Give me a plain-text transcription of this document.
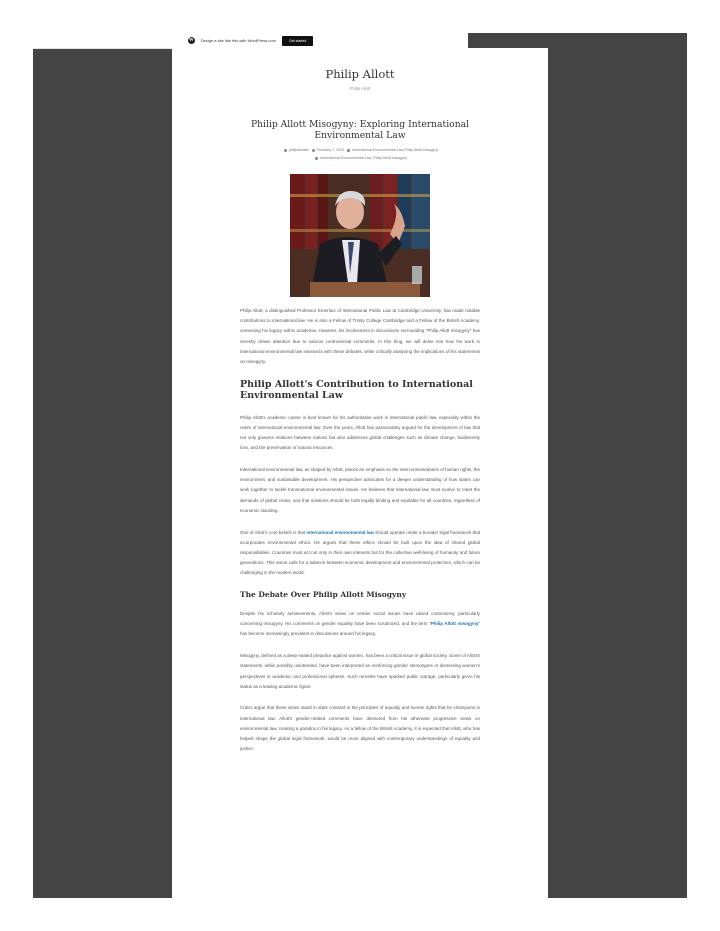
W Design a site like this with WordPress.com	Get started
Philip Allott
Philip Allott
Philip Allott Misogyny: Exploring International Environmental Law
philipallotlab February 7, 2025 International Environmental Law Philip Allott misogyny
International Environmental Law, Philip Allott misogyny

Philip Allott, a distinguished Professor Emeritus of International Public Law at Cambridge University, has made notable contributions to international law. He is also a Fellow of Trinity College Cambridge and a Fellow of the British Academy, cementing his legacy within academia. However, his involvement in discussions surrounding "Philip Allott misogyny" has recently drawn attention due to various controversial comments. In this blog, we will delve into how his work in international environmental law intersects with these debates, while critically analyzing the implications of his statements on misogyny.

Philip Allott's Contribution to International Environmental Law

Philip Allott's academic career is best known for his authoritative work in international public law, especially within the realm of international environmental law. Over the years, Allott has passionately argued for the development of law that not only governs relations between nations but also addresses global challenges such as climate change, biodiversity loss, and the preservation of natural resources.

International environmental law, as shaped by Allott, places an emphasis on the interconnectedness of human rights, the environment, and sustainable development. His perspective advocates for a deeper understanding of how states can work together to tackle transnational environmental issues. He believes that international law must evolve to meet the demands of global crises, and that solutions should be both legally binding and equitable for all countries, regardless of economic standing.

One of Allott's core beliefs is that international environmental law should operate under a broader legal framework that incorporates environmental ethics. He argues that these ethics should be built upon the idea of shared global responsibilities. Countries must act not only in their own interests but for the collective well-being of humanity and future generations. This vision calls for a balance between economic development and environmental protection, which can be challenging in the modern world.

The Debate Over Philip Allott Misogyny

Despite his scholarly achievements, Allott's views on certain social issues have raised controversy, particularly concerning misogyny. His comments on gender equality have been scrutinized, and the term "Philip Allott misogyny" has become increasingly prevalent in discussions around his legacy.

Misogyny, defined as a deep-seated prejudice against women, has been a critical issue in global society. Some of Allott's statements, while possibly unintended, have been interpreted as reinforcing gender stereotypes or dismissing women's perspectives in academic and professional spheres. Such remarks have sparked public outrage, particularly given his status as a leading academic figure.

Critics argue that these views stand in stark contrast to the principles of equality and human rights that he champions in international law. Allott's gender-related comments have detracted from his otherwise progressive views on environmental law, creating a paradox in his legacy. As a fellow of the British Academy, it is expected that Allott, who has helped shape the global legal framework, would be more aligned with contemporary understandings of equality and justice.
